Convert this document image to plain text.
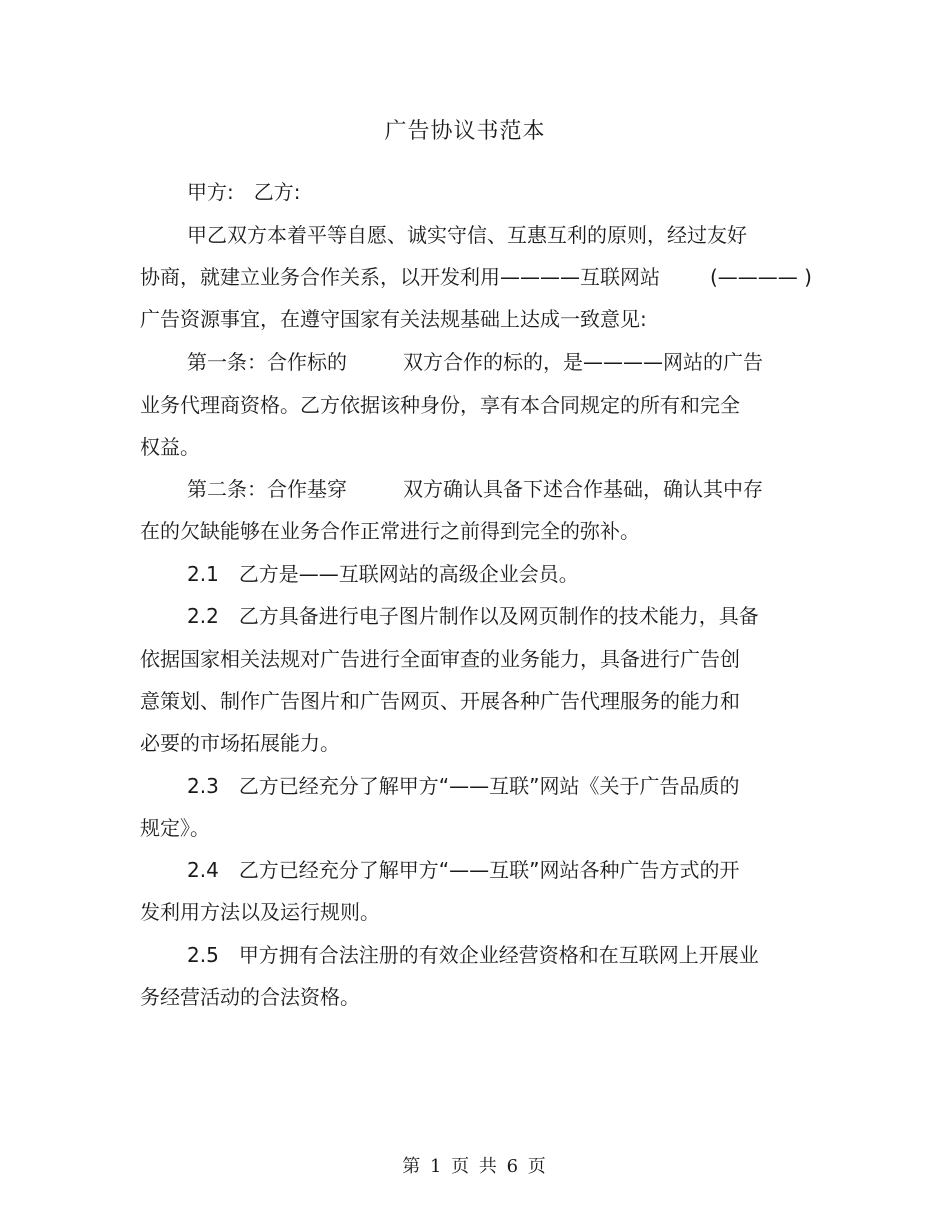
广告协议书范本
甲方: 乙方:
甲乙双方本着平等自愿、诚实守信、互惠互利的原则，经过友好
协商，就建立业务合作关系，以开发利用————互联网站	(———— )
广告资源事宜，在遵守国家有关法规基础上达成一致意见:
第一条：合作标的	双方合作的标的，是————网站的广告
业务代理商资格。乙方依据该种身份，享有本合同规定的所有和完全
权益。
第二条：合作基穿	双方确认具备下述合作基础，确认其中存
在的欠缺能够在业务合作正常进行之前得到完全的弥补。
2.1 乙方是——互联网站的高级企业会员。
2.2 乙方具备进行电子图片制作以及网页制作的技术能力，具备
依据国家相关法规对广告进行全面审查的业务能力，具备进行广告创
意策划、制作广告图片和广告网页、开展各种广告代理服务的能力和
必要的市场拓展能力。
2.3 乙方已经充分了解甲方“——互联”网站《关于广告品质的
规定》。
2.4 乙方已经充分了解甲方“——互联”网站各种广告方式的开
发利用方法以及运行规则。
2.5 甲方拥有合法注册的有效企业经营资格和在互联网上开展业
务经营活动的合法资格。
第 1 页 共 6 页
